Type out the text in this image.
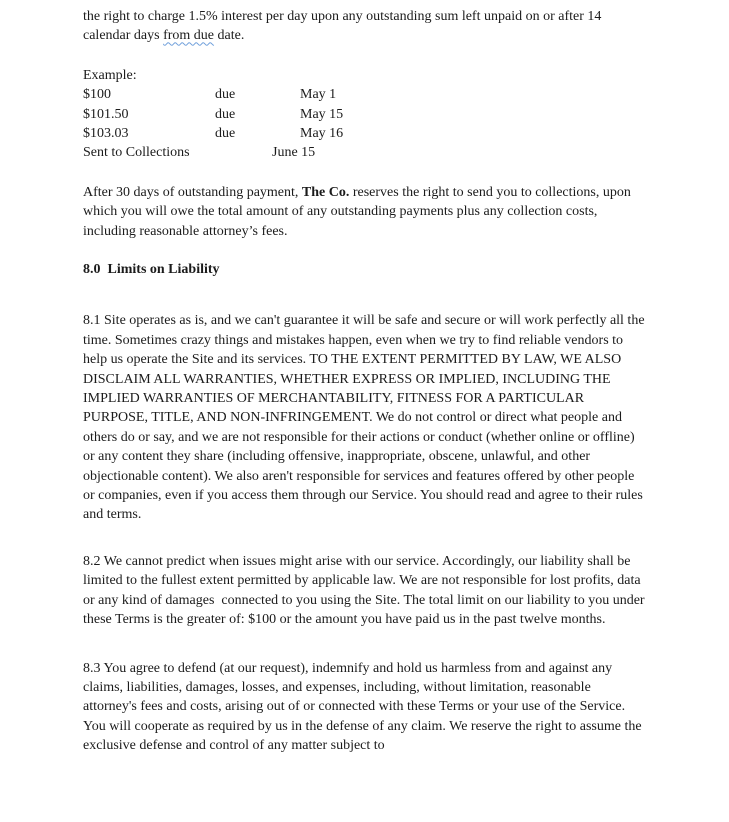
the right to charge 1.5% interest per day upon any outstanding sum left unpaid on or after 14 calendar days from due date.

Example:
$100	due	May 1
$101.50	due	May 15
$103.03	due	May 16
Sent to Collections	June 15

After 30 days of outstanding payment, The Co. reserves the right to send you to collections, upon which you will owe the total amount of any outstanding payments plus any collection costs, including reasonable attorney’s fees.

8.0  Limits on Liability

8.1 Site operates as is, and we can't guarantee it will be safe and secure or will work perfectly all the time. Sometimes crazy things and mistakes happen, even when we try to find reliable vendors to help us operate the Site and its services. TO THE EXTENT PERMITTED BY LAW, WE ALSO DISCLAIM ALL WARRANTIES, WHETHER EXPRESS OR IMPLIED, INCLUDING THE IMPLIED WARRANTIES OF MERCHANTABILITY, FITNESS FOR A PARTICULAR PURPOSE, TITLE, AND NON-INFRINGEMENT. We do not control or direct what people and others do or say, and we are not responsible for their actions or conduct (whether online or offline) or any content they share (including offensive, inappropriate, obscene, unlawful, and other objectionable content). We also aren't responsible for services and features offered by other people or companies, even if you access them through our Service. You should read and agree to their rules and terms.

8.2 We cannot predict when issues might arise with our service. Accordingly, our liability shall be limited to the fullest extent permitted by applicable law. We are not responsible for lost profits, data or any kind of damages  connected to you using the Site. The total limit on our liability to you under these Terms is the greater of: $100 or the amount you have paid us in the past twelve months.

8.3 You agree to defend (at our request), indemnify and hold us harmless from and against any claims, liabilities, damages, losses, and expenses, including, without limitation, reasonable attorney's fees and costs, arising out of or connected with these Terms or your use of the Service. You will cooperate as required by us in the defense of any claim. We reserve the right to assume the exclusive defense and control of any matter subject to
